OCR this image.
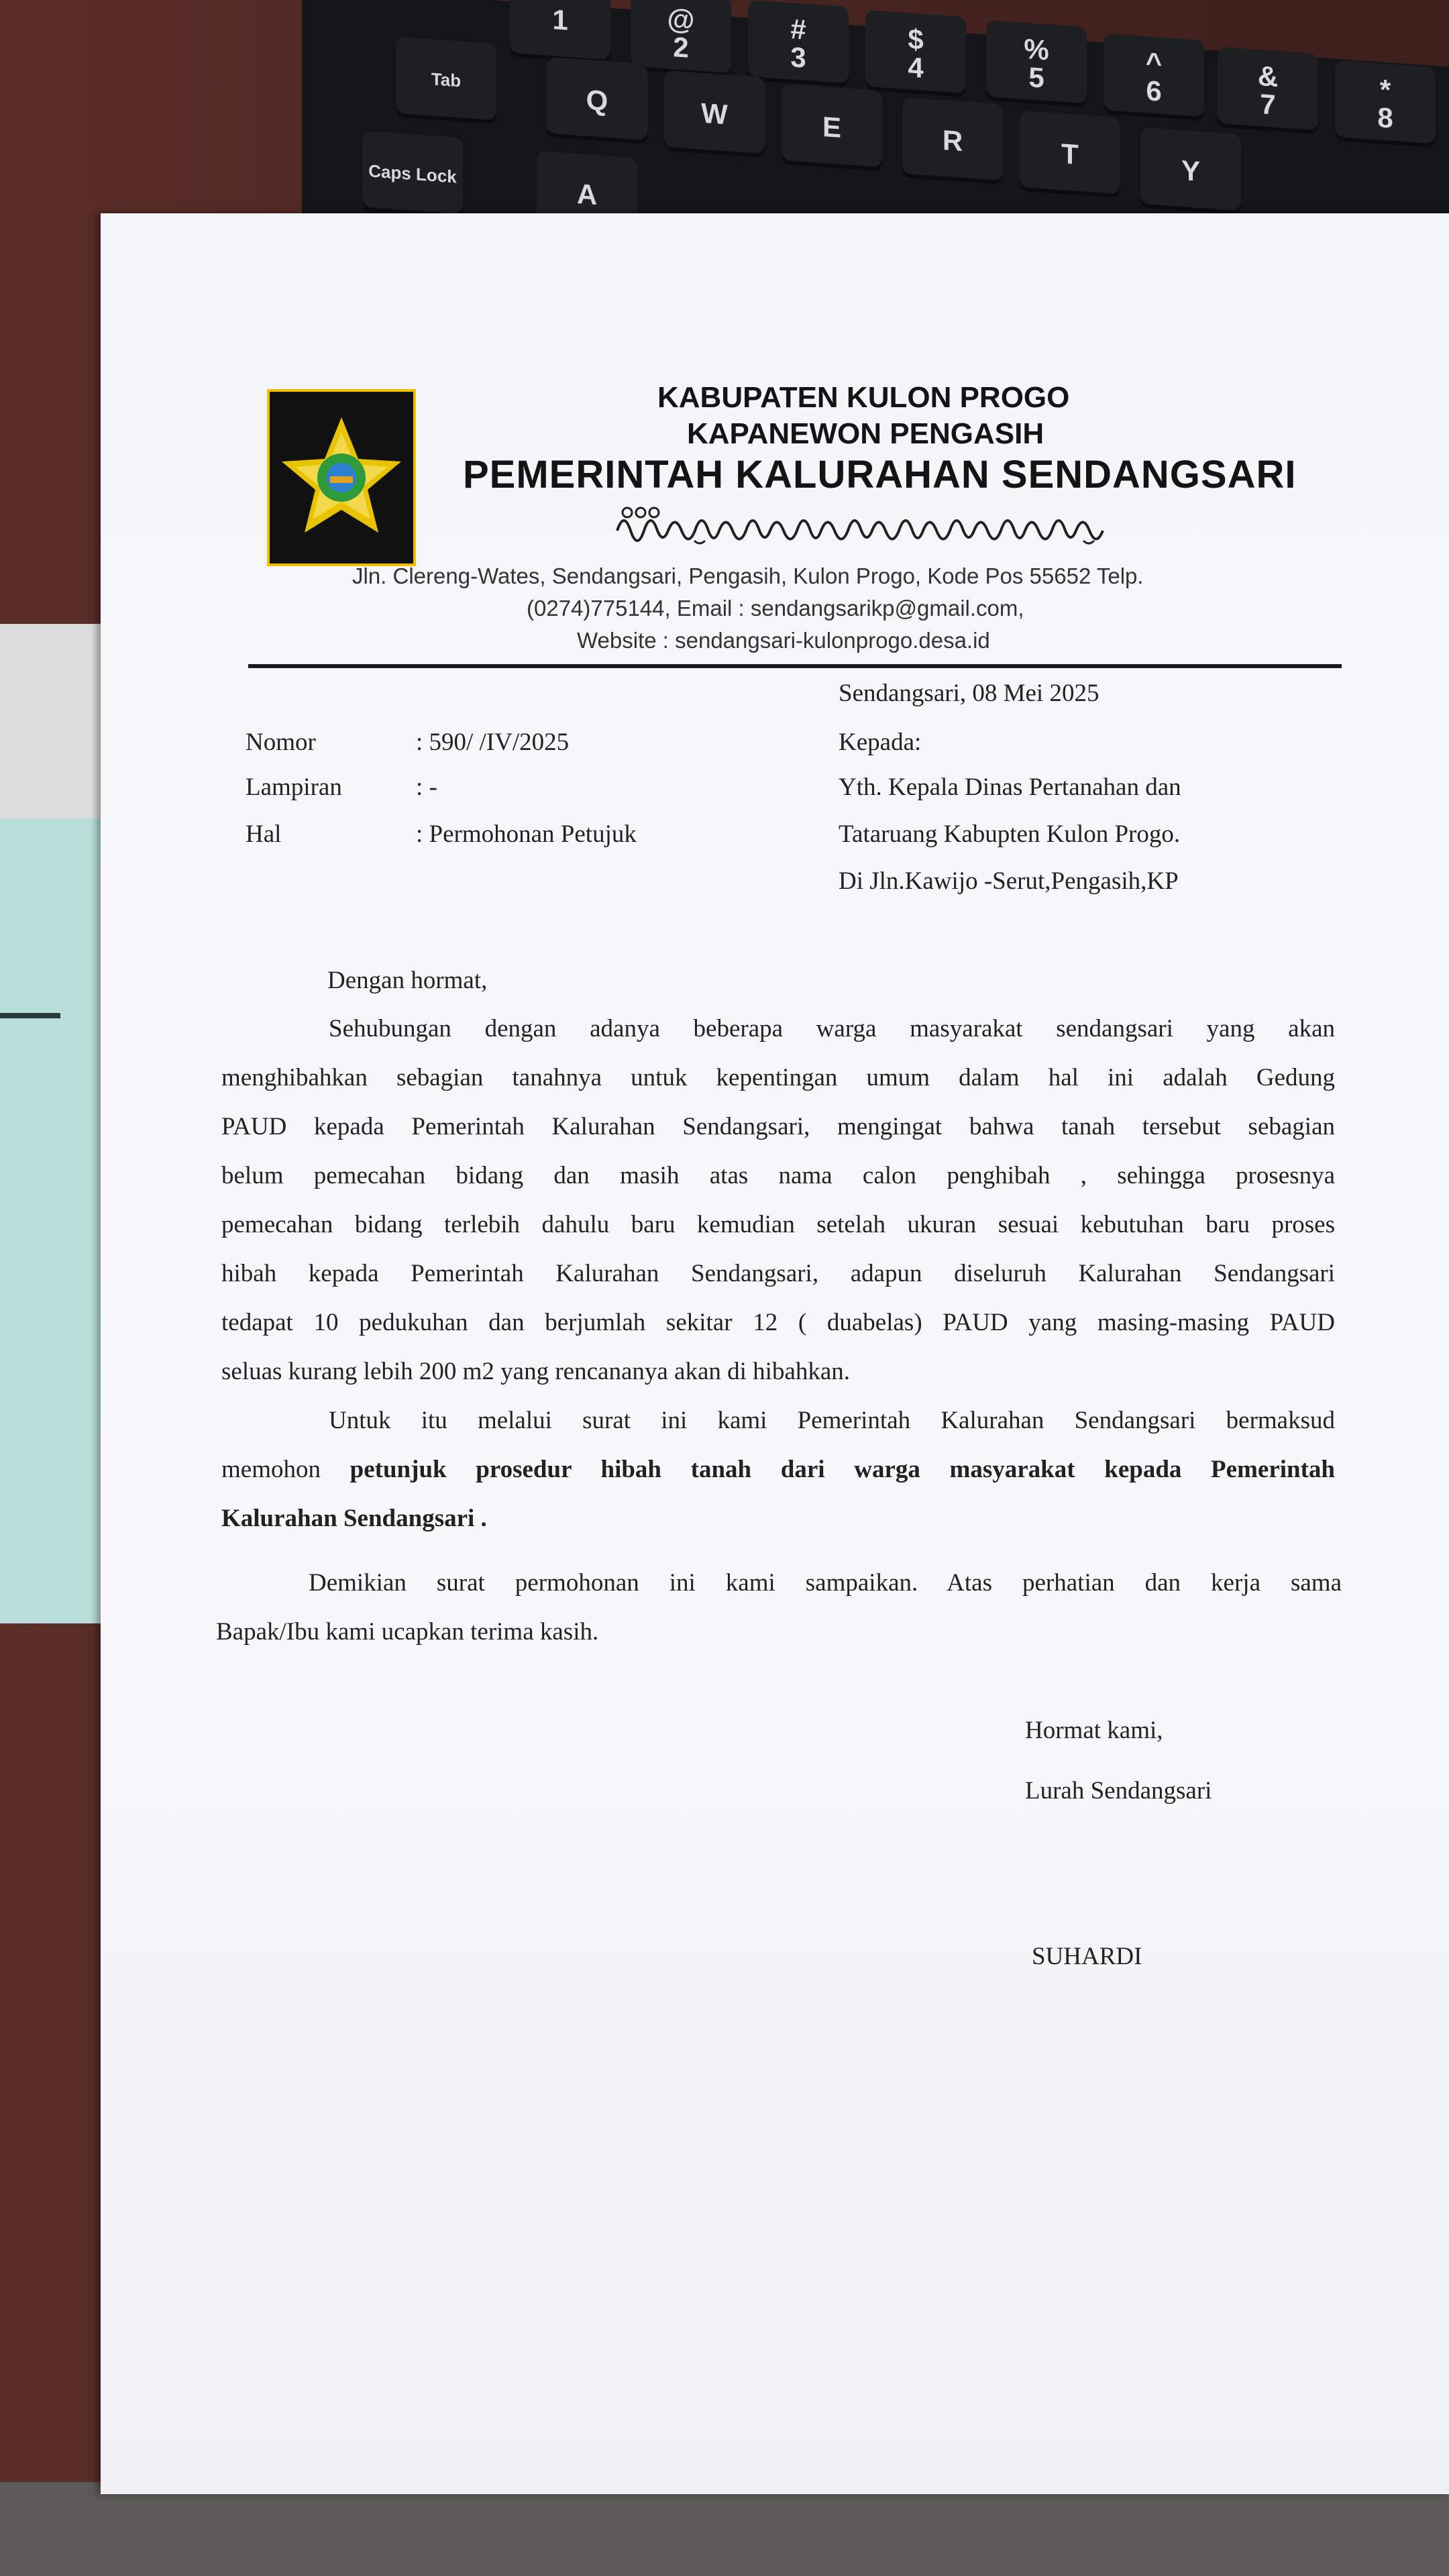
1	@
2
#
3
$
4
%
5	^
6	&
7	*
8
Tab
Q	W	E	R	T
Y
Caps Lock
A
KABUPATEN KULON PROGO
KAPANEWON PENGASIH
PEMERINTAH KALURAHAN SENDANGSARI
Jln. Clereng-Wates, Sendangsari, Pengasih, Kulon Progo, Kode Pos 55652 Telp.
(0274)775144, Email : sendangsarikp@gmail.com,
Website : sendangsari-kulonprogo.desa.id
Sendangsari, 08 Mei 2025
Nomor	: 590/ /IV/2025
Lampiran	: -
Hal	: Permohonan Petujuk
Kepada:
Yth. Kepala Dinas Pertanahan dan
Tataruang Kabupten Kulon Progo.
Di Jln.Kawijo -Serut,Pengasih,KP
Dengan hormat,
Sehubungan dengan adanya beberapa warga masyarakat sendangsari yang akan
menghibahkan sebagian tanahnya untuk kepentingan umum dalam hal ini adalah Gedung
PAUD kepada Pemerintah Kalurahan Sendangsari, mengingat bahwa tanah tersebut sebagian
belum pemecahan bidang dan masih atas nama calon penghibah , sehingga prosesnya
pemecahan bidang terlebih dahulu baru kemudian setelah ukuran sesuai kebutuhan baru proses
hibah kepada Pemerintah Kalurahan Sendangsari, adapun diseluruh Kalurahan Sendangsari
tedapat 10 pedukuhan dan berjumlah sekitar 12 ( duabelas) PAUD yang masing-masing PAUD
seluas kurang lebih 200 m2 yang rencananya akan di hibahkan.
Untuk itu melalui surat ini kami Pemerintah Kalurahan Sendangsari bermaksud
memohon petunjuk prosedur hibah tanah dari warga masyarakat kepada Pemerintah
Kalurahan Sendangsari .
Demikian surat permohonan ini kami sampaikan. Atas perhatian dan kerja sama
Bapak/Ibu kami ucapkan terima kasih.
Hormat kami,
Lurah Sendangsari
SUHARDI
